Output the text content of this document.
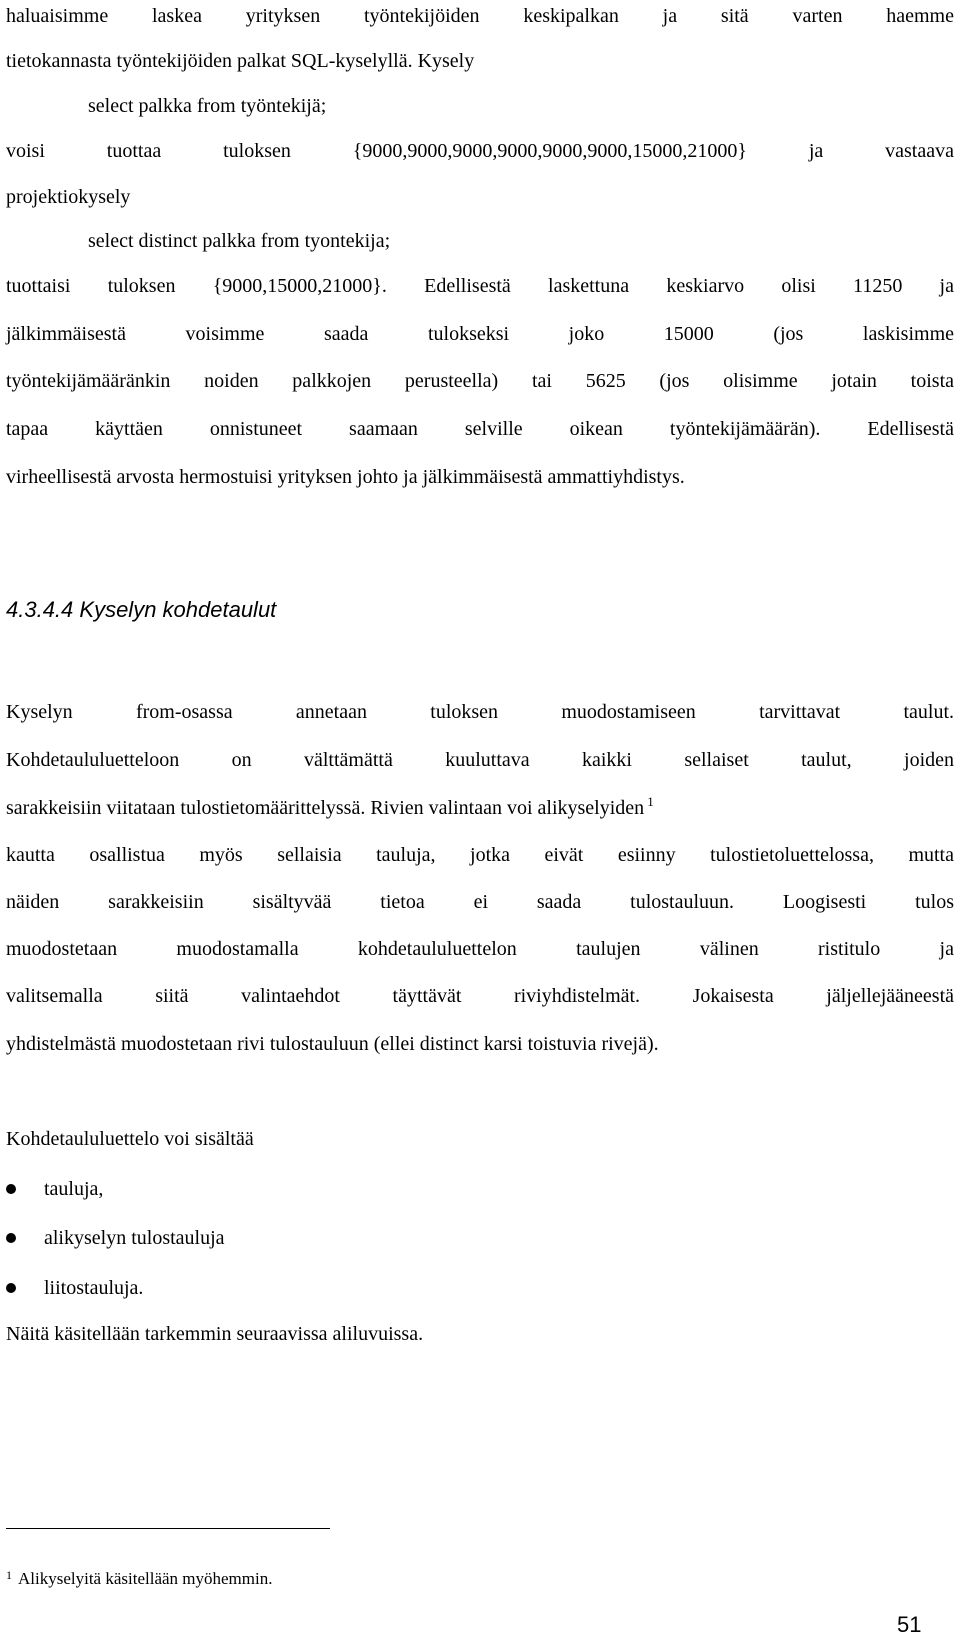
haluaisimme laskea yrityksen työntekijöiden keskipalkan ja sitä varten haemme
tietokannasta työntekijöiden palkat SQL-kyselyllä. Kysely
select palkka from työntekijä;
voisi tuottaa tuloksen {9000,9000,9000,9000,9000,9000,15000,21000} ja vastaava
projektiokysely
select distinct palkka from tyontekija;
tuottaisi tuloksen {9000,15000,21000}. Edellisestä laskettuna keskiarvo olisi 11250 ja
jälkimmäisestä voisimme saada tulokseksi joko 15000 (jos laskisimme
työntekijämääränkin noiden palkkojen perusteella) tai 5625 (jos olisimme jotain toista
tapaa käyttäen onnistuneet saamaan selville oikean työntekijämäärän). Edellisestä
virheellisestä arvosta hermostuisi yrityksen johto ja jälkimmäisestä ammattiyhdistys.
4.3.4.4 Kyselyn kohdetaulut
Kyselyn from-osassa annetaan tuloksen muodostamiseen tarvittavat taulut.
Kohdetaululuetteloon on välttämättä kuuluttava kaikki sellaiset taulut, joiden
sarakkeisiin viitataan tulostietomäärittelyssä. Rivien valintaan voi alikyselyiden $^1$
kautta osallistua myös sellaisia tauluja, jotka eivät esiinny tulostietoluettelossa, mutta
näiden sarakkeisiin sisältyvää tietoa ei saada tulostauluun. Loogisesti tulos
muodostetaan muodostamalla kohdetaululuettelon taulujen välinen ristitulo ja
valitsemalla siitä valintaehdot täyttävät riviyhdistelmät. Jokaisesta jäljellejääneestä
yhdistelmästä muodostetaan rivi tulostauluun (ellei distinct karsi toistuvia rivejä).
Kohdetaululuettelo voi sisältää
tauluja,
alikyselyn tulostauluja
liitostauluja.
Näitä käsitellään tarkemmin seuraavissa aliluvuissa.
$^1$ Alikyselyitä käsitellään myöhemmin.
51
